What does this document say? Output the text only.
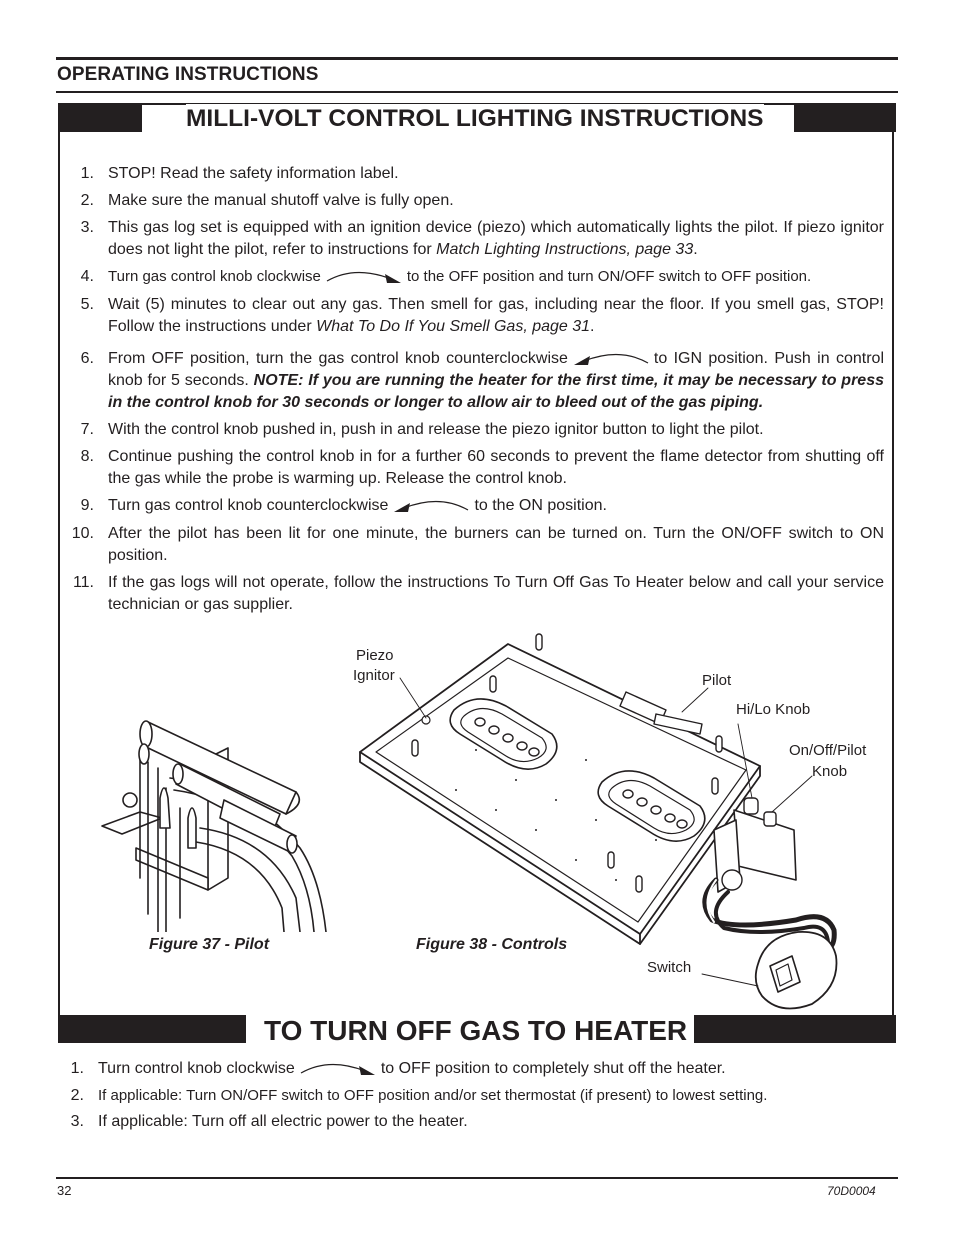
OPERATING INSTRUCTIONS
MILLI-VOLT CONTROL LIGHTING INSTRUCTIONS
1. STOP! Read the safety information label.
2. Make sure the manual shutoff valve is fully open.
3. This gas log set is equipped with an ignition device (piezo) which automatically lights the pilot. If piezo ignitor does not light the pilot, refer to instructions for Match Lighting Instructions, page 33.
4. Turn gas control knob clockwise	to the OFF position and turn ON/OFF switch to OFF position.
5. Wait (5) minutes to clear out any gas. Then smell for gas, including near the floor. If you smell gas, STOP! Follow the instructions under What To Do If You Smell Gas, page 31.
6. From OFF position, turn the gas control knob counterclockwise	to IGN position. Push in control knob for 5 seconds. NOTE: If you are running the heater for the first time, it may be necessary to press in the control knob for 30 seconds or longer to allow air to bleed out of the gas piping.
7. With the control knob pushed in, push in and release the piezo ignitor button to light the pilot.
8. Continue pushing the control knob in for a further 60 seconds to prevent the flame detector from shutting off the gas while the probe is warming up. Release the control knob.
9. Turn gas control knob counterclockwise	to the ON position.
10. After the pilot has been lit for one minute, the burners can be turned on. Turn the ON/OFF switch to ON position.
11. If the gas logs will not operate, follow the instructions To Turn Off Gas To Heater below and call your service technician or gas supplier.
Piezo
Ignitor	Pilot
Hi/Lo Knob
On/Off/Pilot
Knob
Switch
Figure 37 - Pilot	Figure 38 - Controls
TO TURN OFF GAS TO HEATER
1. Turn control knob clockwise	to OFF position to completely shut off the heater.
2. If applicable: Turn ON/OFF switch to OFF position and/or set thermostat (if present) to lowest setting.
3. If applicable: Turn off all electric power to the heater.
32	70D0004
